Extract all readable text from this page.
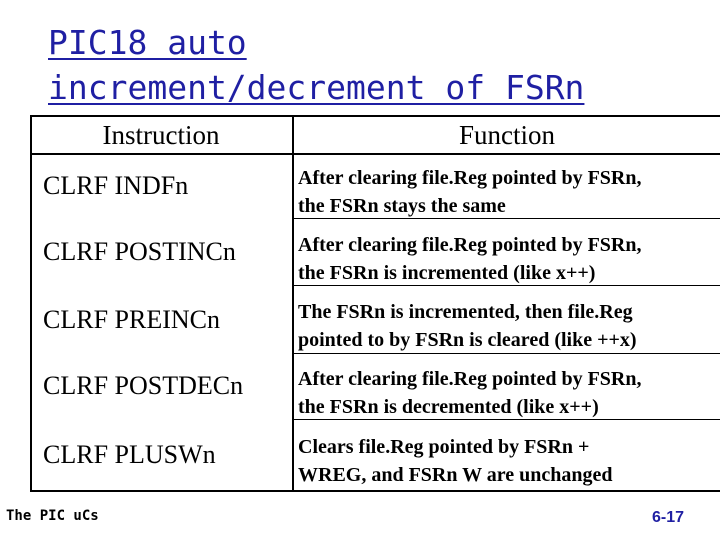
PIC18 auto
increment/decrement of FSRn
Instruction	Function
CLRF INDFn	After clearing file.Reg pointed by FSRn,
the FSRn stays the same
CLRF POSTINCn	After clearing file.Reg pointed by FSRn,
the FSRn is incremented (like x++)
CLRF PREINCn	The FSRn is incremented, then file.Reg
pointed to by FSRn is cleared (like ++x)
CLRF POSTDECn	After clearing file.Reg pointed by FSRn,
the FSRn is decremented (like x++)
CLRF PLUSWn	Clears file.Reg pointed by FSRn +
WREG, and FSRn W are unchanged
The PIC uCs	6-17
